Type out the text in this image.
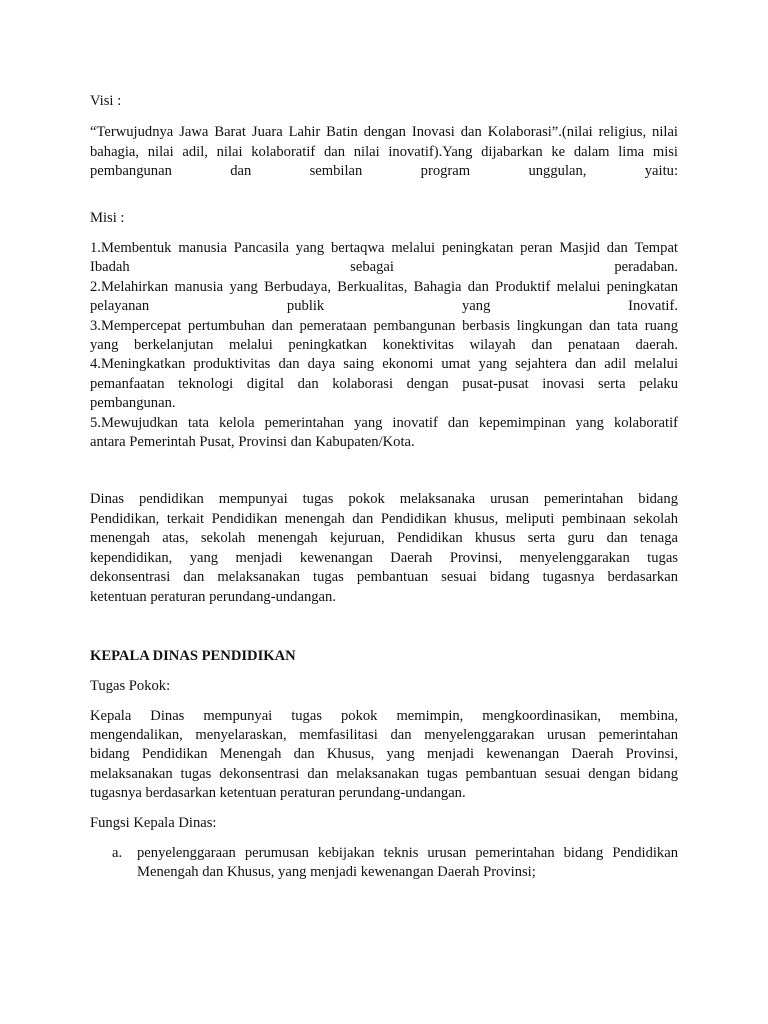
Visi :
“Terwujudnya Jawa Barat Juara Lahir Batin dengan Inovasi dan Kolaborasi”.(nilai religius, nilai
bahagia, nilai adil, nilai kolaboratif dan nilai inovatif).Yang dijabarkan ke dalam lima misi
pembangunan dan sembilan program unggulan, yaitu:
Misi :
1.Membentuk manusia Pancasila yang bertaqwa melalui peningkatan peran Masjid dan Tempat
Ibadah sebagai peradaban.
2.Melahirkan manusia yang Berbudaya, Berkualitas, Bahagia dan Produktif melalui peningkatan
pelayanan publik yang Inovatif.
3.Mempercepat pertumbuhan dan pemerataan pembangunan berbasis lingkungan dan tata ruang
yang berkelanjutan melalui peningkatkan konektivitas wilayah dan penataan daerah.
4.Meningkatkan produktivitas dan daya saing ekonomi umat yang sejahtera dan adil melalui
pemanfaatan teknologi digital dan kolaborasi dengan pusat-pusat inovasi serta pelaku
pembangunan.
5.Mewujudkan tata kelola pemerintahan yang inovatif dan kepemimpinan yang kolaboratif
antara Pemerintah Pusat, Provinsi dan Kabupaten/Kota.
Dinas pendidikan mempunyai tugas pokok melaksanaka urusan pemerintahan bidang
Pendidikan, terkait Pendidikan menengah dan Pendidikan khusus, meliputi pembinaan sekolah
menengah atas, sekolah menengah kejuruan, Pendidikan khusus serta guru dan tenaga
kependidikan, yang menjadi kewenangan Daerah Provinsi, menyelenggarakan tugas
dekonsentrasi dan melaksanakan tugas pembantuan sesuai bidang tugasnya berdasarkan
ketentuan peraturan perundang-undangan.
KEPALA DINAS PENDIDIKAN
Tugas Pokok:
Kepala Dinas mempunyai tugas pokok memimpin, mengkoordinasikan, membina,
mengendalikan, menyelaraskan, memfasilitasi dan menyelenggarakan urusan pemerintahan
bidang Pendidikan Menengah dan Khusus, yang menjadi kewenangan Daerah Provinsi,
melaksanakan tugas dekonsentrasi dan melaksanakan tugas pembantuan sesuai dengan bidang
tugasnya berdasarkan ketentuan peraturan perundang-undangan.
Fungsi Kepala Dinas:
a. penyelenggaraan perumusan kebijakan teknis urusan pemerintahan bidang Pendidikan
Menengah dan Khusus, yang menjadi kewenangan Daerah Provinsi;
